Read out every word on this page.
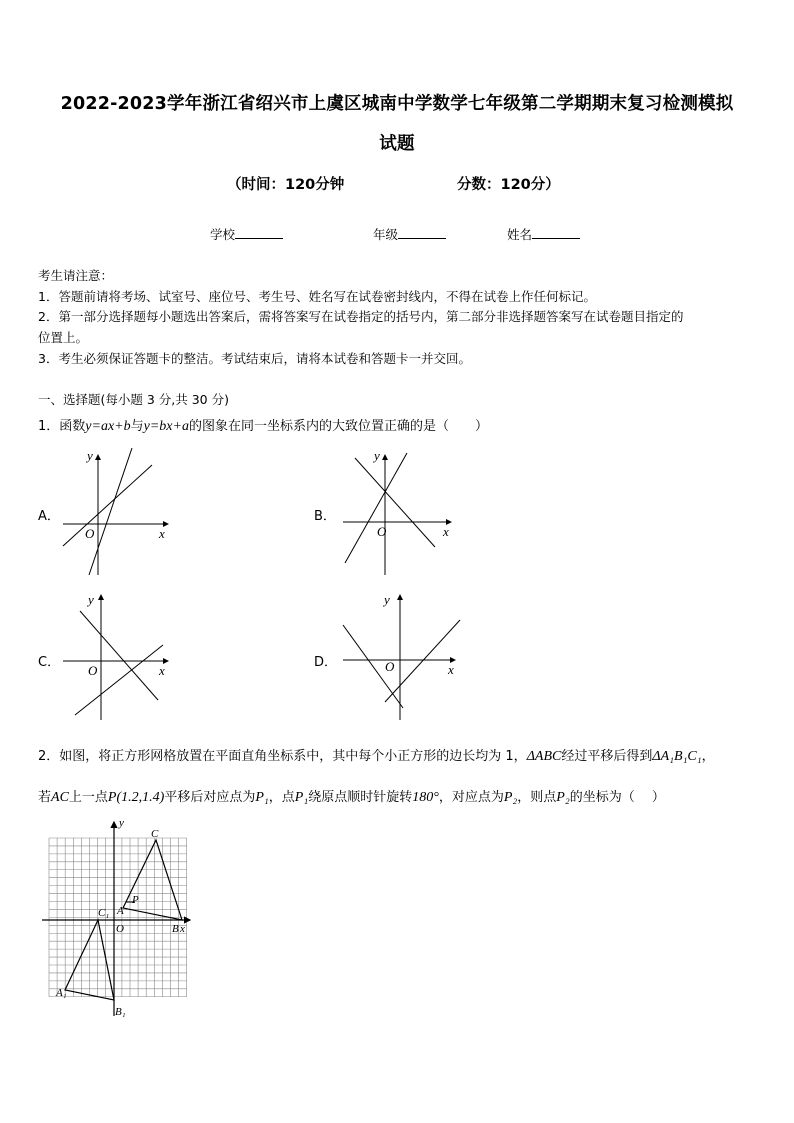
2022-2023学年浙江省绍兴市上虞区城南中学数学七年级第二学期期末复习检测模拟
试题
（时间：120分钟	分数：120分）
学校	年级	姓名
考生请注意：
1．答题前请将考场、试室号、座位号、考生号、姓名写在试卷密封线内，不得在试卷上作任何标记。
2．第一部分选择题每小题选出答案后，需将答案写在试卷指定的括号内，第二部分非选择题答案写在试卷题目指定的
位置上。
3．考生必须保证答题卡的整洁。考试结束后，请将本试卷和答题卡一并交回。
一、选择题(每小题 3 分,共 30 分)
1．函数y=ax+b与y=bx+a的图象在同一坐标系内的大致位置正确的是（　　）
A．	B．
C．	D．
y
x
O
y
x
O
y
x
O
y
x
O
2．如图，将正方形网格放置在平面直角坐标系中，其中每个小正方形的边长均为 1，ΔABC经过平移后得到ΔA₁B₁C₁，
若AC上一点P(1.2,1.4)平移后对应点为P₁，点P₁绕原点顺时针旋转180°，对应点为P₂，则点P₂的坐标为（　 ）
y
x
O
A
B
C
P
A₁
B₁
C₁
